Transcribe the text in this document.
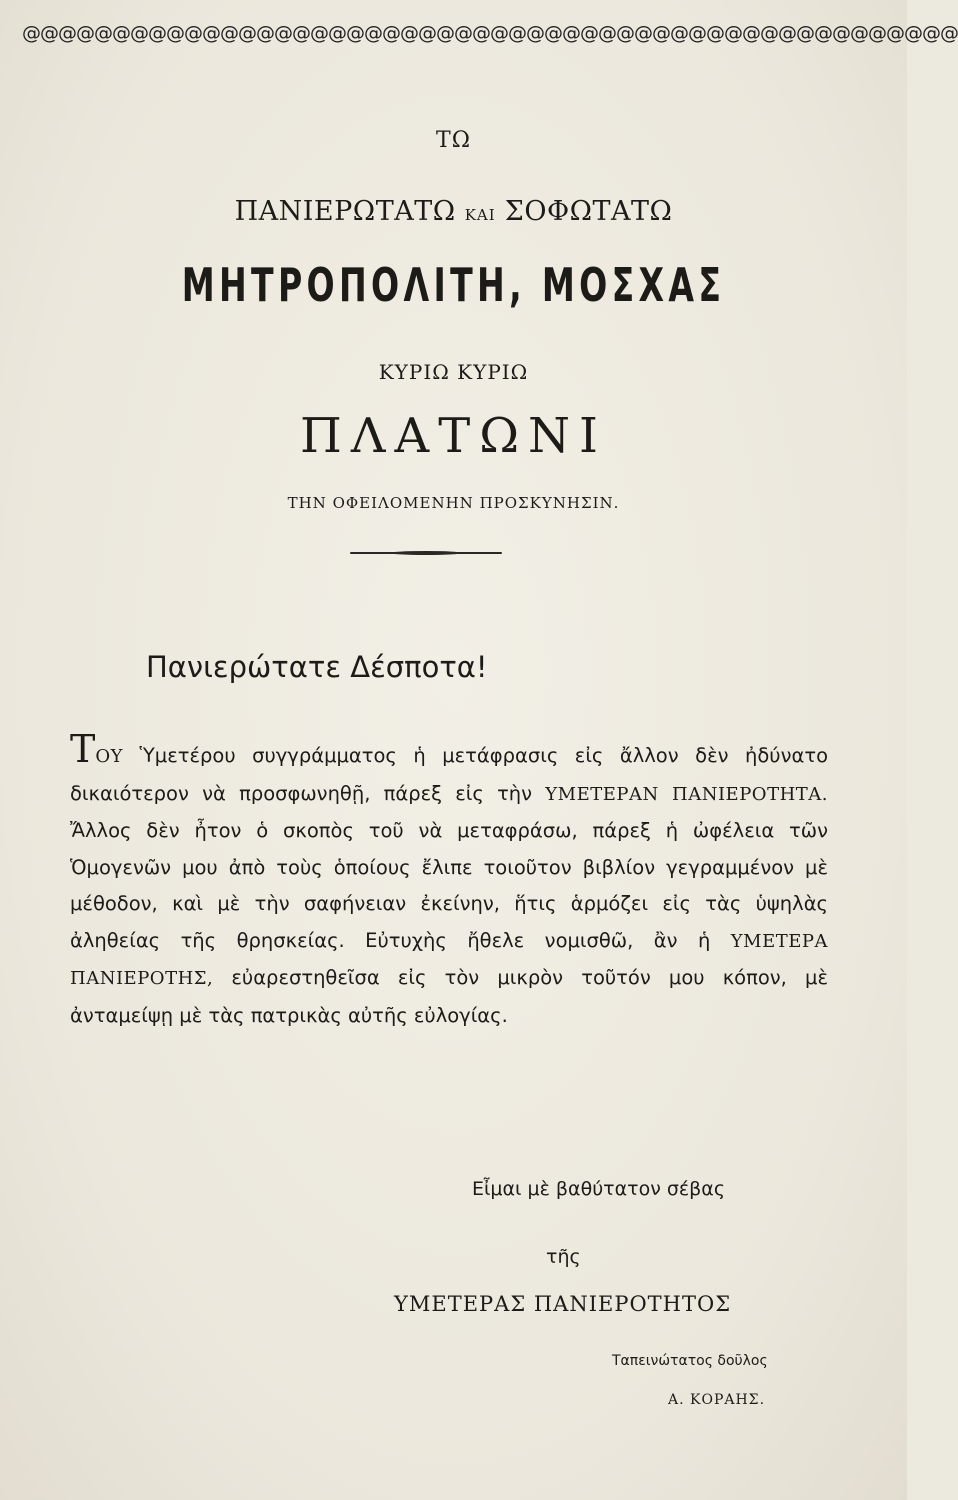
@@@@@@@@@@@@@@@@@@@@@@@@@@@@@@@@@@@@@@@@@@@@@@@@@@@@
ΤΩ
ΠΑΝΙΕΡΩΤΑΤΩ ΚΑΙ ΣΟΦΩΤΑΤΩ
ΜΗΤΡΟΠΟΛΙΤΗ, ΜΟΣΧΑΣ
ΚΥΡΙΩ ΚΥΡΙΩ
ΠΛΑΤΩΝΙ
ΤΗΝ ΟΦΕΙΛΟΜΕΝΗΝ ΠΡΟΣΚΥΝΗΣΙΝ.
Πανιερώτατε Δέσποτα!
ΤΟΥ Ὑμετέρου συγγράμματος ἡ μετάφρασις εἰς ἄλλον δὲν ἠδύνατο δικαιότερον νὰ προσφωνηθῇ, πάρεξ εἰς τὴν ΥΜΕΤΕΡΑΝ ΠΑΝΙΕΡΟΤΗΤΑ. Ἄλλος δὲν ἦτον ὁ σκοπὸς τοῦ νὰ μεταφράσω, πάρεξ ἡ ὠφέλεια τῶν Ὁμογενῶν μου ἀπὸ τοὺς ὁποίους ἔλιπε τοιοῦτον βιβλίον γεγραμμένον μὲ μέθοδον, καὶ μὲ τὴν σαφήνειαν ἐκείνην, ἥτις ἁρμόζει εἰς τὰς ὑψηλὰς ἀληθείας τῆς θρησκείας. Εὐτυχὴς ἤθελε νομισθῶ, ἂν ἡ ΥΜΕΤΕΡΑ ΠΑΝΙΕΡΟΤΗΣ, εὐαρεστηθεῖσα εἰς τὸν μικρὸν τοῦτόν μου κόπον, μὲ ἀνταμείψῃ μὲ τὰς πατρικὰς αὐτῆς εὐλογίας.
Εἶμαι μὲ βαθύτατον σέβας
τῆς
ΥΜΕΤΕΡΑΣ ΠΑΝΙΕΡΟΤΗΤΟΣ
Ταπεινώτατος δοῦλος
Α. ΚΟΡΑΗΣ.
